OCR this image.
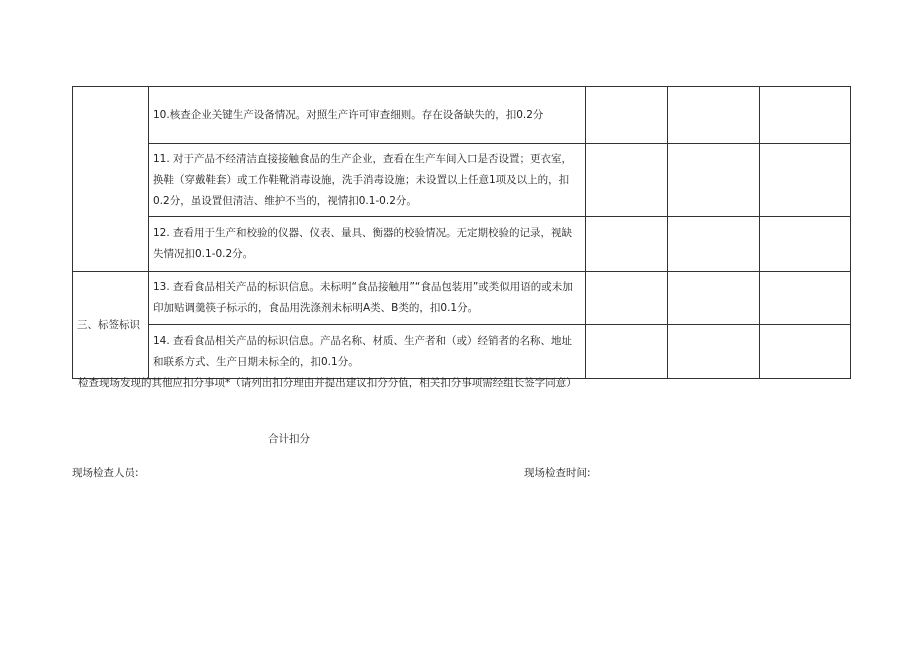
	10.核查企业关键生产设备情况。对照生产许可审查细则。存在设备缺失的，扣0.2分			
	11. 对于产品不经清洁直接接触食品的生产企业，查看在生产车间入口是否设置；更衣室，换鞋（穿戴鞋套）或工作鞋靴消毒设施，洗手消毒设施；未设置以上任意1项及以上的，扣0.2分，虽设置但清洁、维护不当的，视情扣0.1-0.2分。			
	12. 查看用于生产和校验的仪器、仪表、量具、衡器的校验情况。无定期校验的记录，视缺失情况扣0.1-0.2分。			
三、标签标识	13. 查看食品相关产品的标识信息。未标明“食品接触用”“食品包装用”或类似用语的或未加印加贴调羹筷子标示的，食品用洗涤剂未标明A类、B类的，扣0.1分。			
	14. 查看食品相关产品的标识信息。产品名称、材质、生产者和（或）经销者的名称、地址和联系方式、生产日期未标全的，扣0.1分。			
检查现场发现的其他应扣分事项*（请列出扣分理由并提出建议扣分分值，相关扣分事项需经组长签字同意）
合计扣分
现场检查人员:	现场检查时间:
